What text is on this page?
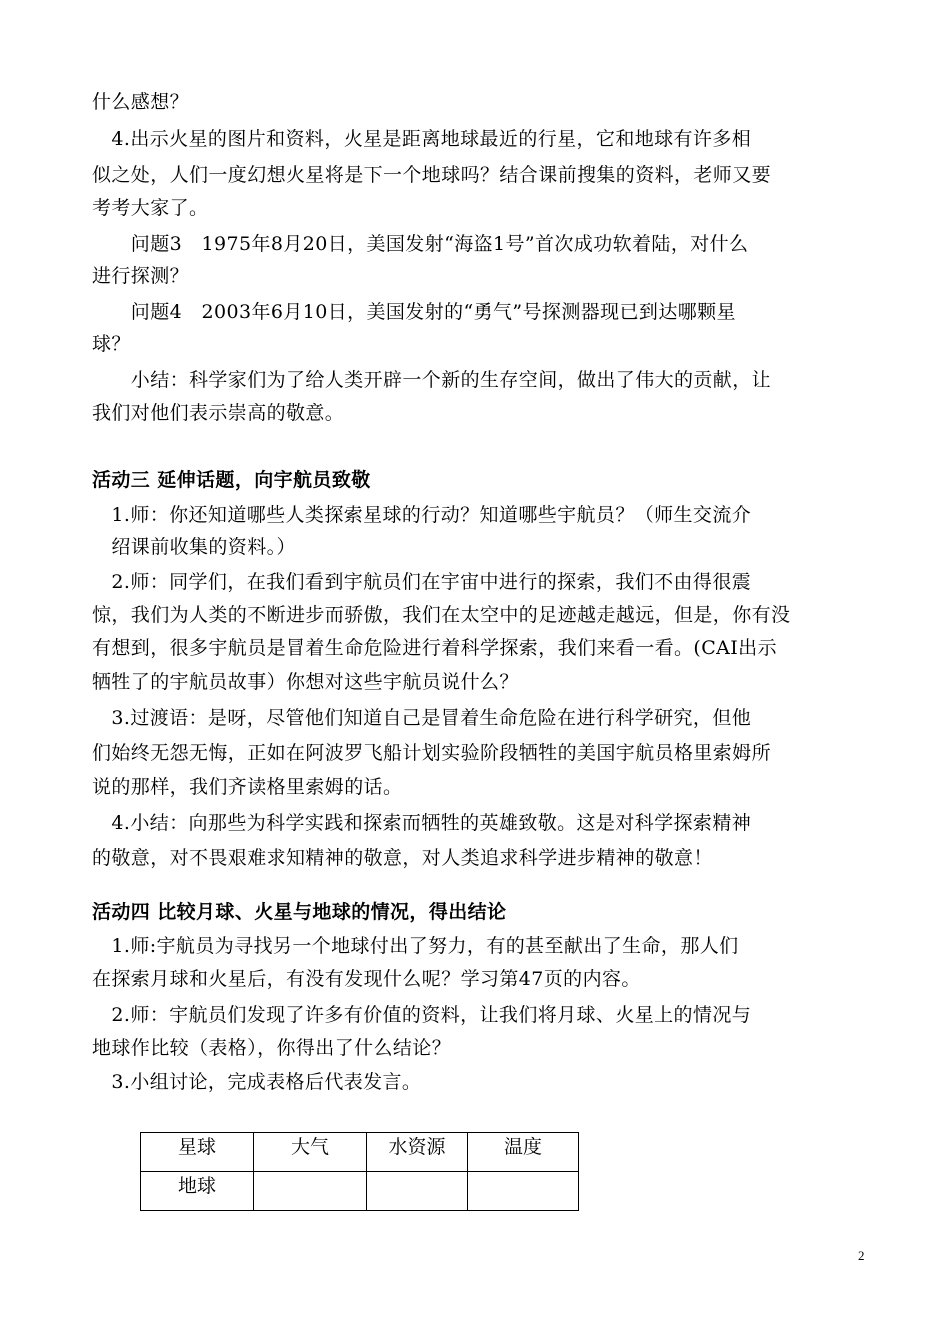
什么感想？
　4.出示火星的图片和资料，火星是距离地球最近的行星，它和地球有许多相
似之处，人们一度幻想火星将是下一个地球吗？结合课前搜集的资料，老师又要
考考大家了。
　　问题3　1975年8月20日，美国发射“海盗1号”首次成功软着陆，对什么
进行探测？
　　问题4　2003年6月10日，美国发射的“勇气”号探测器现已到达哪颗星
球？
　　小结：科学家们为了给人类开辟一个新的生存空间，做出了伟大的贡献，让
我们对他们表示崇高的敬意。
活动三 延伸话题，向宇航员致敬
　1.师：你还知道哪些人类探索星球的行动？知道哪些宇航员？（师生交流介
　绍课前收集的资料。）
　2.师：同学们，在我们看到宇航员们在宇宙中进行的探索，我们不由得很震
惊，我们为人类的不断进步而骄傲，我们在太空中的足迹越走越远，但是，你有没
有想到，很多宇航员是冒着生命危险进行着科学探索，我们来看一看。(CAI出示
牺牲了的宇航员故事）你想对这些宇航员说什么？
　3.过渡语：是呀，尽管他们知道自己是冒着生命危险在进行科学研究，但他
们始终无怨无悔，正如在阿波罗飞船计划实验阶段牺牲的美国宇航员格里索姆所
说的那样，我们齐读格里索姆的话。
　4.小结：向那些为科学实践和探索而牺牲的英雄致敬。这是对科学探索精神
的敬意，对不畏艰难求知精神的敬意，对人类追求科学进步精神的敬意！
活动四 比较月球、火星与地球的情况，得出结论
　1.师:宇航员为寻找另一个地球付出了努力，有的甚至献出了生命，那人们
在探索月球和火星后，有没有发现什么呢？学习第47页的内容。
　2.师：宇航员们发现了许多有价值的资料，让我们将月球、火星上的情况与
地球作比较（表格），你得出了什么结论？
　3.小组讨论，完成表格后代表发言。
星球	大气	水资源	温度
地球			
2
